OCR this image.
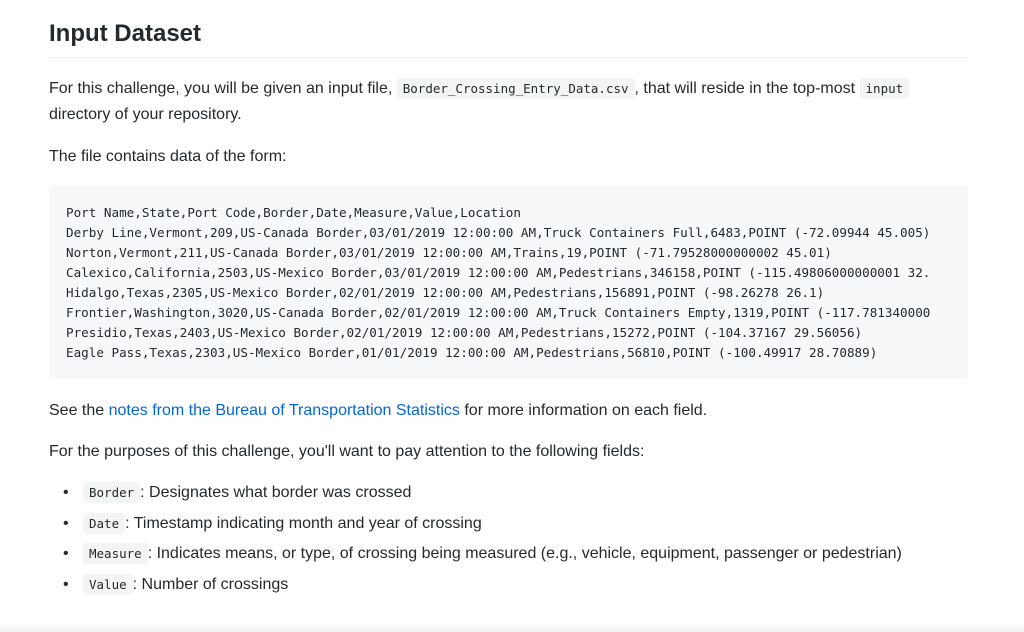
Input Dataset

For this challenge, you will be given an input file, Border_Crossing_Entry_Data.csv , that will reside in the top-most input directory of your repository.

The file contains data of the form:

Port Name,State,Port Code,Border,Date,Measure,Value,Location
Derby Line,Vermont,209,US-Canada Border,03/01/2019 12:00:00 AM,Truck Containers Full,6483,POINT (-72.09944 45.005)
Norton,Vermont,211,US-Canada Border,03/01/2019 12:00:00 AM,Trains,19,POINT (-71.79528000000002 45.01)
Calexico,California,2503,US-Mexico Border,03/01/2019 12:00:00 AM,Pedestrians,346158,POINT (-115.49806000000001 32.
Hidalgo,Texas,2305,US-Mexico Border,02/01/2019 12:00:00 AM,Pedestrians,156891,POINT (-98.26278 26.1)
Frontier,Washington,3020,US-Canada Border,02/01/2019 12:00:00 AM,Truck Containers Empty,1319,POINT (-117.781340000
Presidio,Texas,2403,US-Mexico Border,02/01/2019 12:00:00 AM,Pedestrians,15272,POINT (-104.37167 29.56056)
Eagle Pass,Texas,2303,US-Mexico Border,01/01/2019 12:00:00 AM,Pedestrians,56810,POINT (-100.49917 28.70889)

See the notes from the Bureau of Transportation Statistics for more information on each field.

For the purposes of this challenge, you'll want to pay attention to the following fields:

• Border : Designates what border was crossed
• Date : Timestamp indicating month and year of crossing
• Measure : Indicates means, or type, of crossing being measured (e.g., vehicle, equipment, passenger or pedestrian)
• Value : Number of crossings
